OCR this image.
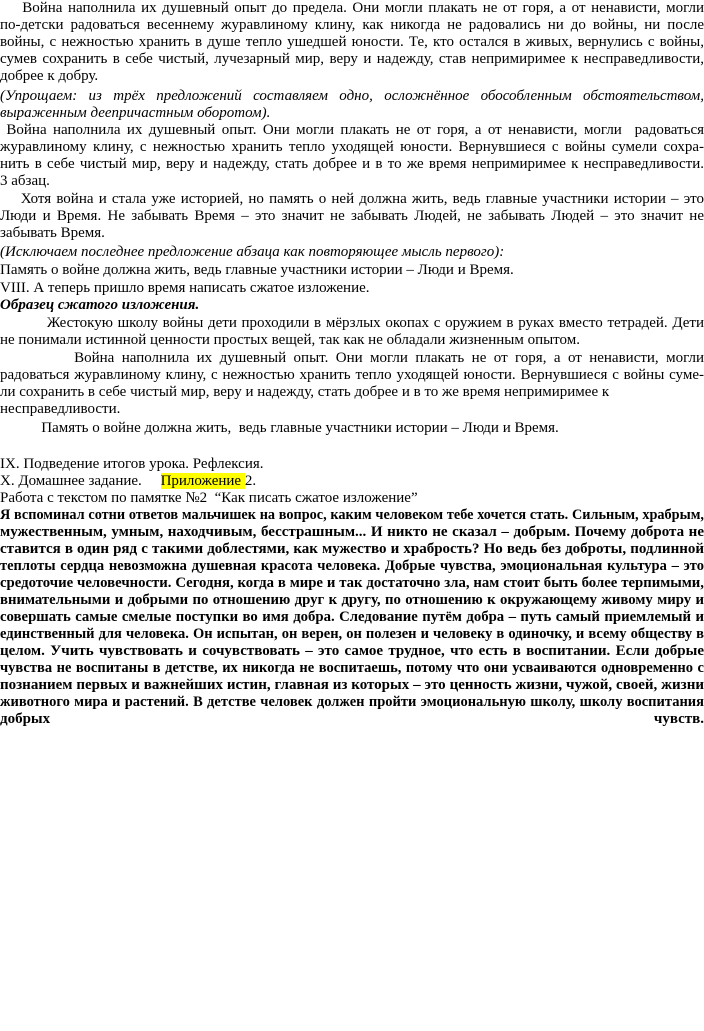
Война наполнила их душевный опыт до предела. Они могли плакать не от горя, а от ненависти, могли
по-детски радоваться весеннему журавлиному клину, как никогда не радовались ни до войны, ни после
войны, с нежностью хранить в душе тепло ушедшей юности. Те, кто остался в живых, вернулись с войны,
сумев сохранить в себе чистый, лучезарный мир, веру и надежду, став непримиримее к несправедливости,
добрее к добру.
(Упрощаем: из трёх предложений составляем одно, осложнённое обособленным обстоятельством,
выраженным деепричастным оборотом).
Война наполнила их душевный опыт. Они могли плакать не от горя, а от ненависти, могли  радоваться
журавлиному клину, с нежностью хранить тепло уходящей юности. Вернувшиеся с войны сумели сохра-
нить в себе чистый мир, веру и надежду, стать добрее и в то же время непримиримее к несправедливости.
3 абзац.
Хотя война и стала уже историей, но память о ней должна жить, ведь главные участники истории – это
Люди и Время. Не забывать Время – это значит не забывать Людей, не забывать Людей – это значит не
забывать Время.
(Исключаем последнее предложение абзаца как повторяющее мысль первого):
Память о войне должна жить, ведь главные участники истории – Люди и Время.
VIII. А теперь пришло время написать сжатое изложение.
Образец сжатого изложения.
Жестокую школу войны дети проходили в мёрзлых окопах с оружием в руках вместо тетрадей. Дети
не понимали истинной ценности простых вещей, так как не обладали жизненным опытом.
Война наполнила их душевный опыт. Они могли плакать не от горя, а от ненависти, могли
радоваться журавлиному клину, с нежностью хранить тепло уходящей юности. Вернувшиеся с войны суме-
ли сохранить в себе чистый мир, веру и надежду, стать добрее и в то же время непримиримее к
несправедливости.
Память о войне должна жить,  ведь главные участники истории – Люди и Время.
IX. Подведение итогов урока. Рефлексия.
X. Домашнее задание.     Приложение 2.
Работа с текстом по памятке №2  “Как писать сжатое изложение”
Я вспоминал сотни ответов мальчишек на вопрос, каким человеком тебе хочется стать. Сильным, храбрым,
мужественным, умным, находчивым, бесстрашным... И никто не сказал – добрым. Почему доброта не
ставится в один ряд с такими доблестями, как мужество и храбрость? Но ведь без доброты, подлинной
теплоты сердца невозможна душевная красота человека. Добрые чувства, эмоциональная культура – это
средоточие человечности. Сегодня, когда в мире и так достаточно зла, нам стоит быть более терпимыми,
внимательными и добрыми по отношению друг к другу, по отношению к окружающему живому миру и
совершать самые смелые поступки во имя добра. Следование путём добра – путь самый приемлемый и
единственный для человека. Он испытан, он верен, он полезен и человеку в одиночку, и всему обществу в
целом. Учить чувствовать и сочувствовать – это самое трудное, что есть в воспитании. Если добрые
чувства не воспитаны в детстве, их никогда не воспитаешь, потому что они усваиваются одновременно с
познанием первых и важнейших истин, главная из которых – это ценность жизни, чужой, своей, жизни
животного мира и растений. В детстве человек должен пройти эмоциональную школу, школу воспитания
добрых чувств.
